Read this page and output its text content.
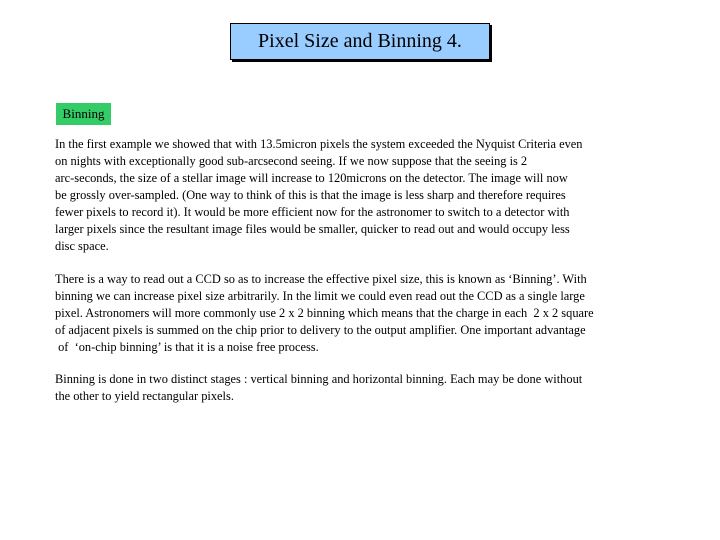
Pixel Size and Binning 4.
Binning

In the first example we showed that with 13.5micron pixels the system exceeded the Nyquist Criteria even
on nights with exceptionally good sub-arcsecond seeing. If we now suppose that the seeing is 2
arc-seconds, the size of a stellar image will increase to 120microns on the detector. The image will now
be grossly over-sampled. (One way to think of this is that the image is less sharp and therefore requires
fewer pixels to record it). It would be more efficient now for the astronomer to switch to a detector with
larger pixels since the resultant image files would be smaller, quicker to read out and would occupy less
disc space.

There is a way to read out a CCD so as to increase the effective pixel size, this is known as ‘Binning’. With
binning we can increase pixel size arbitrarily. In the limit we could even read out the CCD as a single large
pixel. Astronomers will more commonly use 2 x 2 binning which means that the charge in each  2 x 2 square
of adjacent pixels is summed on the chip prior to delivery to the output amplifier. One important advantage
of  ‘on-chip binning’ is that it is a noise free process.

Binning is done in two distinct stages : vertical binning and horizontal binning. Each may be done without
the other to yield rectangular pixels.
